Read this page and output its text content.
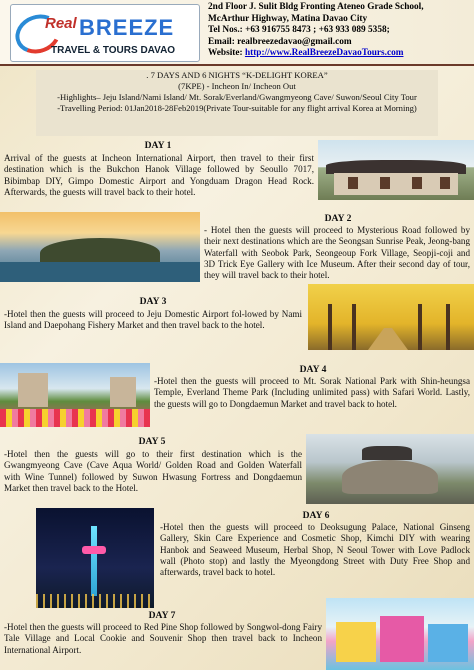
Real BREEZE
TRAVEL & TOURS DAVAO
2nd Floor J. Sulit Bldg Fronting Ateneo Grade School,
McArthur Highway, Matina Davao City
Tel Nos.: +63 916755 8473 ; +63 933 089 5358;
Email: realbreezedavao@gmail.com
Website: http://www.RealBreezeDavaoTours.com
. 7 DAYS AND 6 NIGHTS “K-DELIGHT KOREA”
(7KPE) - Incheon In/ Incheon Out
-Highlights– Jeju Island/Nami Island/ Mt. Sorak/Everland/Gwangmyeong Cave/ Suwon/Seoul City Tour
-Travelling Period: 01Jan2018-28Feb2019(Private Tour-suitable for any flight arrival Korea at Morning)
DAY 1
Arrival of the guests at Incheon International Airport, then travel to their first destination which is the Bukchon Hanok Village followed by Seoullo 7017, Bibimbap DIY, Gimpo Domestic Airport and Yongduam Dragon Head Rock. Afterwards, the guests will travel back to their hotel.
DAY 2
- Hotel then the guests will proceed to Mysterious Road followed by their next destinations which are the Seongsan Sunrise Peak, Jeong-bang Waterfall with Seobok Park, Seongeoup Fork Village, Seopji-coji and 3D Trick Eye Gallery with Ice Museum. After their second day of tour, they will travel back to their hotel.
DAY 3
-Hotel then the guests will proceed to Jeju Domestic Airport fol-lowed by Nami Island and Daepohang Fishery Market and then travel back to the hotel.
DAY 4
-Hotel then the guests will proceed to Mt. Sorak National Park with Shin-heungsa Temple, Everland Theme Park (Including unlimited pass) with Safari World. Lastly, the guests will go to Dongdaemun Market and travel back to hotel.
DAY 5
-Hotel then the guests will go to their first destination which is the Gwangmyeong Cave (Cave Aqua World/ Golden Road and Golden Waterfall with Wine Tunnel) followed by Suwon Hwasung Fortress and Dongdaemun Market then travel back to the Hotel.
DAY 6
-Hotel then the guests will proceed to Deoksugung Palace, National Ginseng Gallery, Skin Care Experience and Cosmetic Shop, Kimchi DIY with wearing Hanbok and Seaweed Museum, Herbal Shop, N Seoul Tower with Love Padlock wall (Photo stop) and lastly the Myeongdong Street with Duty Free Shop and afterwards, travel back to hotel.
DAY 7
-Hotel then the guests will proceed to Red Pine Shop followed by Songwol-dong Fairy Tale Village and Local Cookie and Souvenir Shop then travel back to Incheon International Airport.
